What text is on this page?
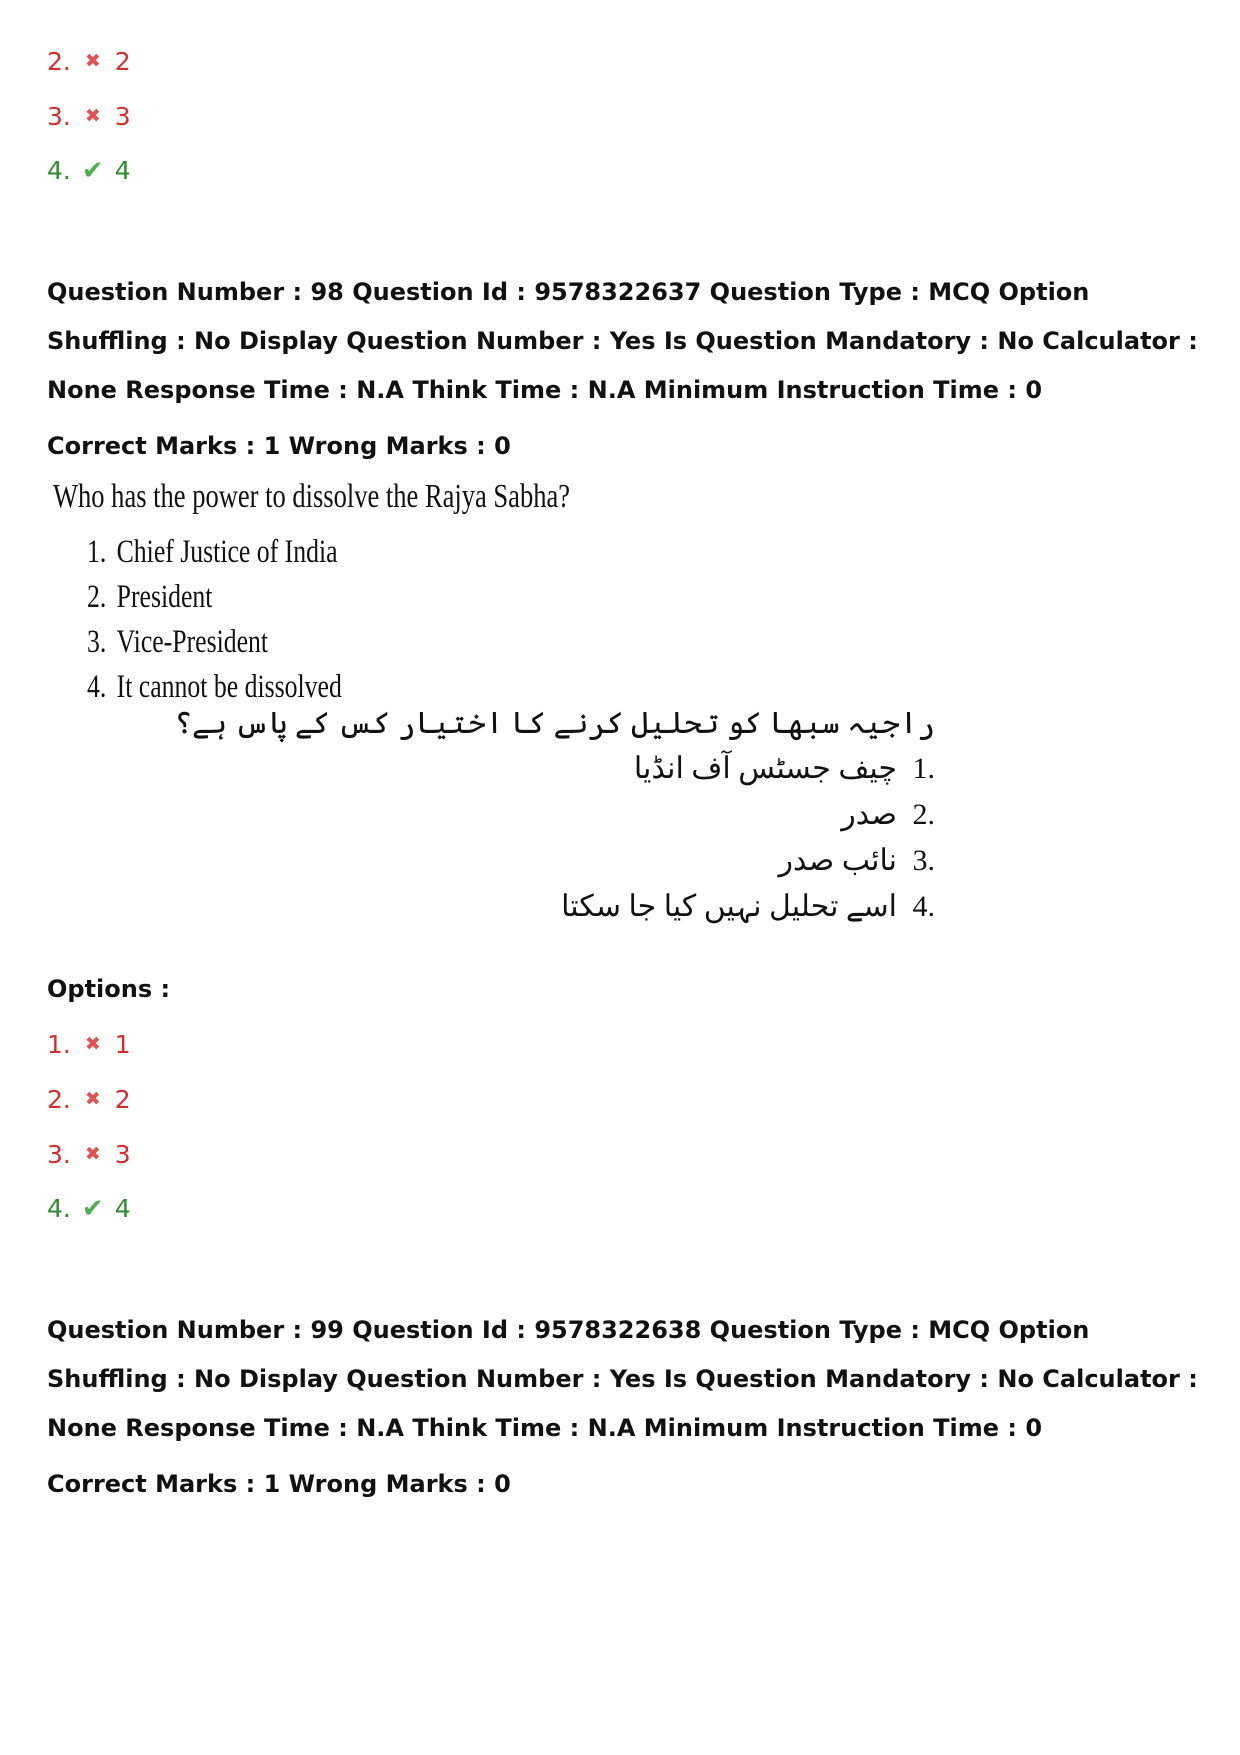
2. ✖ 2
3. ✖ 3
4. ✔ 4
Question Number : 98 Question Id : 9578322637 Question Type : MCQ Option Shuffling : No Display Question Number : Yes Is Question Mandatory : No Calculator : None Response Time : N.A Think Time : N.A Minimum Instruction Time : 0
Correct Marks : 1 Wrong Marks : 0
Who has the power to dissolve the Rajya Sabha?
1. Chief Justice of India
2. President
3. Vice-President
4. It cannot be dissolved
راجیہ سبھا کو تحلیل کرنے کا اختیار کس کے پاس ہے؟
چیف جسٹس آف انڈیا 1.
صدر 2.
نائب صدر 3.
اسے تحلیل نہیں کیا جا سکتا 4.
Options :
1. ✖ 1
2. ✖ 2
3. ✖ 3
4. ✔ 4
Question Number : 99 Question Id : 9578322638 Question Type : MCQ Option Shuffling : No Display Question Number : Yes Is Question Mandatory : No Calculator : None Response Time : N.A Think Time : N.A Minimum Instruction Time : 0
Correct Marks : 1 Wrong Marks : 0
